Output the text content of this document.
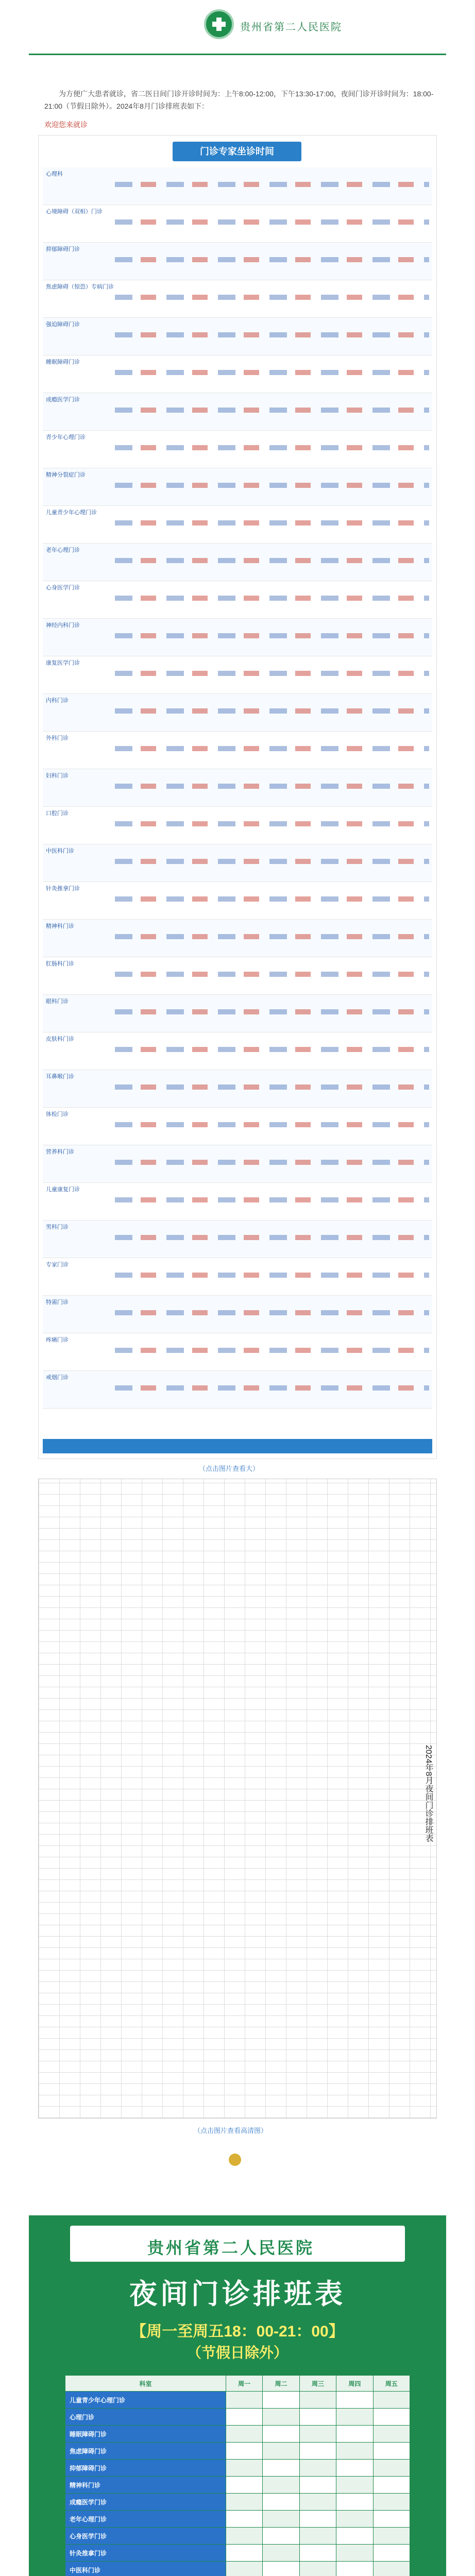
贵州省第二人民医院
为方便广大患者就诊，省二医日间门诊开诊时间为：上午8:00-12:00，下午13:30-17:00，夜间门诊开诊时间为：18:00-21:00（节假日除外）。2024年8月门诊排班表如下：
欢迎您来就诊
门诊专家坐诊时间
心理科
心境障碍（双相）门诊
抑郁障碍门诊
焦虑障碍（惊恐）专病门诊
强迫障碍门诊
睡眠障碍门诊
成瘾医学门诊
青少年心理门诊
精神分裂症门诊
儿童青少年心理门诊
老年心理门诊
心身医学门诊
神经内科门诊
康复医学门诊
内科门诊
外科门诊
妇科门诊
口腔门诊
中医科门诊
针灸推拿门诊
精神科门诊
肛肠科门诊
眼科门诊
皮肤科门诊
耳鼻喉门诊
体检门诊
营养科门诊
儿童康复门诊
男科门诊
专家门诊
特需门诊
疼痛门诊
戒烟门诊
（点击图片查看大）
2024年8月夜间门诊排班表
（点击图片查看高清图）
贵州省第二人民医院
夜间门诊排班表
【周一至周五18：00-21：00】
（节假日除外）
科室	周一	周二	周三	周四	周五
儿童青少年心理门诊					
心理门诊					
睡眠障碍门诊					
焦虑障碍门诊					
抑郁障碍门诊					
精神科门诊					
成瘾医学门诊					
老年心理门诊					
心身医学门诊					
针灸推拿门诊					
中医科门诊					
